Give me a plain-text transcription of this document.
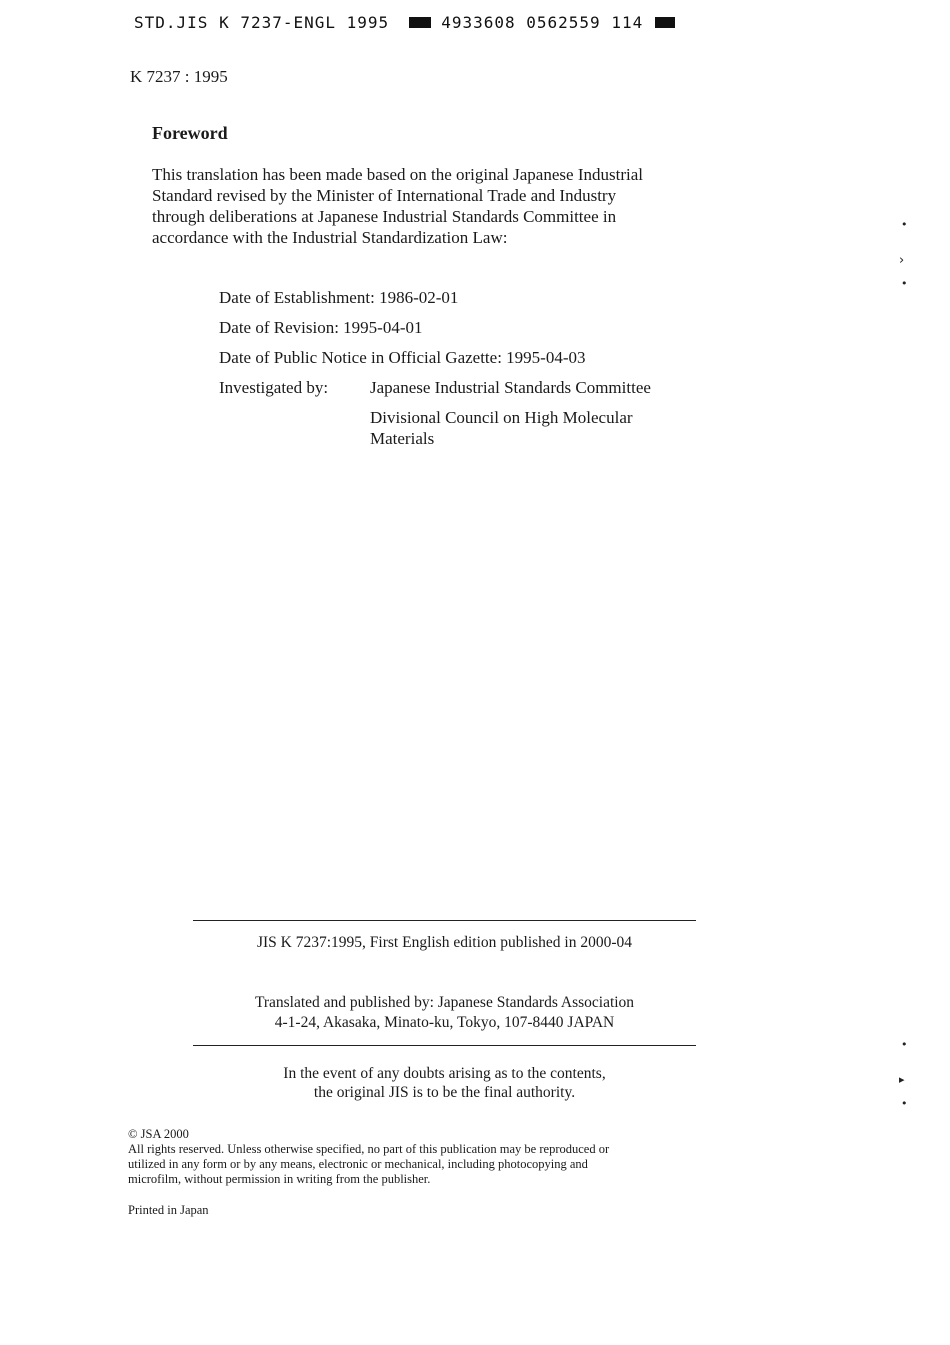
STD.JIS K 7237-ENGL 1995	4933608 0562559 114
K 7237 : 1995
Foreword
This translation has been made based on the original Japanese Industrial
Standard revised by the Minister of International Trade and Industry
through deliberations at Japanese Industrial Standards Committee in
accordance with the Industrial Standardization Law:
Date of Establishment: 1986-02-01
Date of Revision: 1995-04-01
Date of Public Notice in Official Gazette: 1995-04-03
Investigated by: Japanese Industrial Standards Committee
Divisional Council on High Molecular
Materials
JIS K 7237:1995, First English edition published in 2000-04
Translated and published by: Japanese Standards Association
4-1-24, Akasaka, Minato-ku, Tokyo, 107-8440 JAPAN
In the event of any doubts arising as to the contents,
the original JIS is to be the final authority.
© JSA 2000
All rights reserved. Unless otherwise specified, no part of this publication may be reproduced or
utilized in any form or by any means, electronic or mechanical, including photocopying and
microfilm, without permission in writing from the publisher.
Printed in Japan
•
›
•
•
▸
•
